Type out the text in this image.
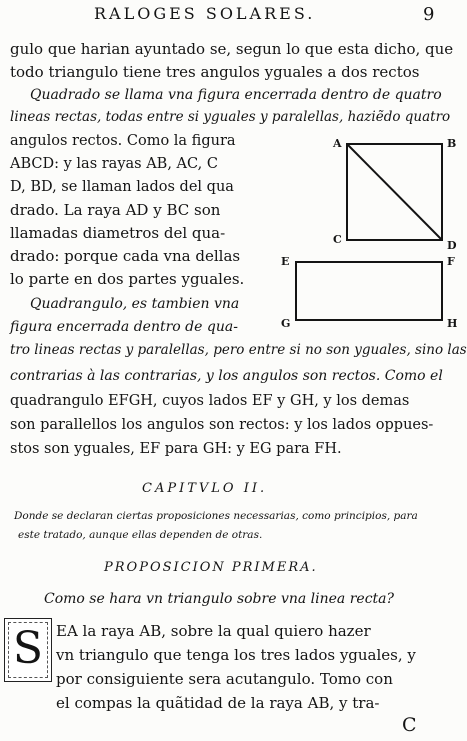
RALOGES SOLARES.	9
gulo que harian ayuntado se, segun lo que esta dicho, que
todo triangulo tiene tres angulos yguales a dos rectos
Quadrado se llama vna figura encerrada dentro de quatro
lineas rectas, todas entre si yguales y paralellas, haziẽdo quatro
angulos rectos. Como la figura
ABCD: y las rayas AB, AC, C
D, BD, se llaman lados del qua
drado. La raya AD y BC son
llamadas diametros del qua-
drado: porque cada vna dellas
lo parte en dos partes yguales.
Quadrangulo, es tambien vna
figura encerrada dentro de qua-
tro lineas rectas y paralellas, pero entre si no son yguales, sino las
contrarias à las contrarias, y los angulos son rectos. Como el
quadrangulo EFGH, cuyos lados EF y GH, y los demas
son parallellos los angulos son rectos: y los lados oppues-
stos son yguales, EF para GH: y EG para FH.
CAPITVLO II.
Donde se declaran ciertas proposiciones necessarias, como principios, para
este tratado, aunque ellas dependen de otras.
PROPOSICION PRIMERA.
Como se hara vn triangulo sobre vna linea recta?
S EA la raya AB, sobre la qual quiero hazer
vn triangulo que tenga los tres lados yguales, y
por consiguiente sera acutangulo. Tomo con
el compas la quãtidad de la raya AB, y tra-
C
A	B
C	D
E	F
G	H
